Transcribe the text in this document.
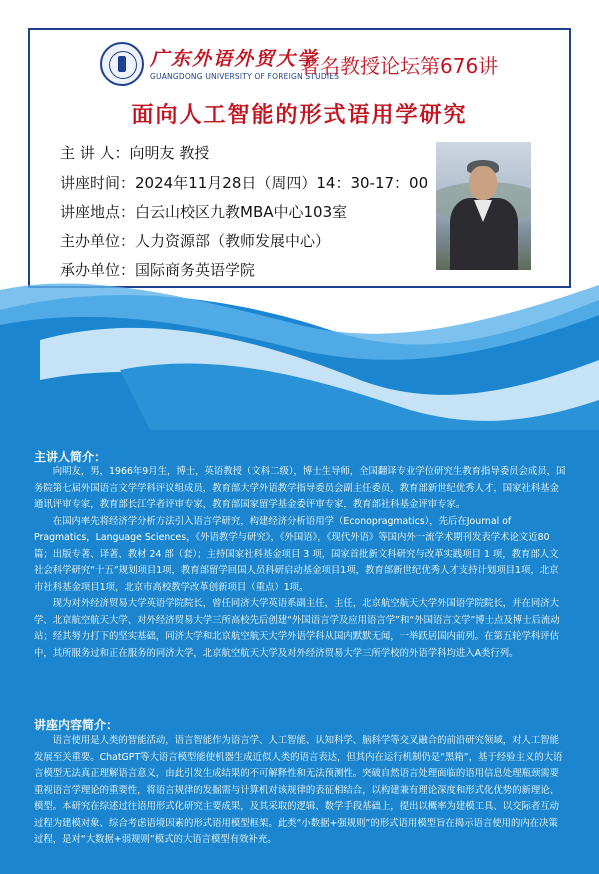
广东外语外贸大学
GUANGDONG UNIVERSITY OF FOREIGN STUDIES
著名教授论坛第676讲
面向人工智能的形式语用学研究
主 讲 人：向明友 教授
讲座时间：2024年11月28日（周四）14：30-17：00
讲座地点：白云山校区九教MBA中心103室
主办单位：人力资源部（教师发展中心）
承办单位：国际商务英语学院
主讲人简介：
向明友，男，1966年9月生，博士，英语教授（文科二级），博士生导师，全国翻译专业学位研究生教育指导委员会成员，国务院第七届外国语言文学学科评议组成员，教育部大学外语教学指导委员会副主任委员，教育部新世纪优秀人才，国家社科基金通讯评审专家，教育部长江学者评审专家，教育部国家留学基金委评审专家，教育部社科基金评审专家。
在国内率先将经济学分析方法引入语言学研究，构建经济分析语用学（Econopragmatics），先后在Journal of Pragmatics，Language Sciences，《外语教学与研究》，《外国语》，《现代外语》等国内外一流学术期刊发表学术论文近80篇；出版专著、译著、教材 24 部（套）；主持国家社科基金项目 3 项，国家首批新文科研究与改革实践项目 1 项，教育部人文社会科学研究“十五”规划项目1项，教育部留学回国人员科研启动基金项目1项，教育部新世纪优秀人才支持计划项目1项，北京市社科基金项目1项，北京市高校教学改革创新项目（重点）1项。
现为对外经济贸易大学英语学院院长，曾任同济大学英语系副主任，主任，北京航空航天大学外国语学院院长，并在同济大学、北京航空航天大学、对外经济贸易大学三所高校先后创建“外国语言学及应用语言学”和“外国语言文学”博士点及博士后流动站；经其努力打下的坚实基础，同济大学和北京航空航天大学外语学科从国内默默无闻，一举跃居国内前列。在第五轮学科评估中，其所服务过和正在服务的同济大学，北京航空航天大学及对外经济贸易大学三所学校的外语学科均进入A类行列。
讲座内容简介：
语言使用是人类的智能活动，语言智能作为语言学、人工智能、认知科学、脑科学等交叉融合的前沿研究领域，对人工智能发展至关重要。ChatGPT等大语言模型能使机器生成近似人类的语言表达，但其内在运行机制仍是“黑箱”，基于经验主义的大语言模型无法真正理解语言意义，由此引发生成结果的不可解释性和无法预测性。突破自然语言处理面临的语用信息处理瓶颈需要重视语言学理论的重要性，将语言规律的发掘需与计算机对该规律的表征相结合，以构建兼有理论深度和形式化优势的新理论、模型。本研究在综述过往语用形式化研究主要成果，及其采取的逻辑、数学手段基础上，提出以概率为建模工具、以交际者互动过程为建模对象、综合考虑语境因素的形式语用模型框架。此类“小数据+强规则”的形式语用模型旨在揭示语言使用的内在决策过程，是对“大数据+弱规则”模式的大语言模型有效补充。
